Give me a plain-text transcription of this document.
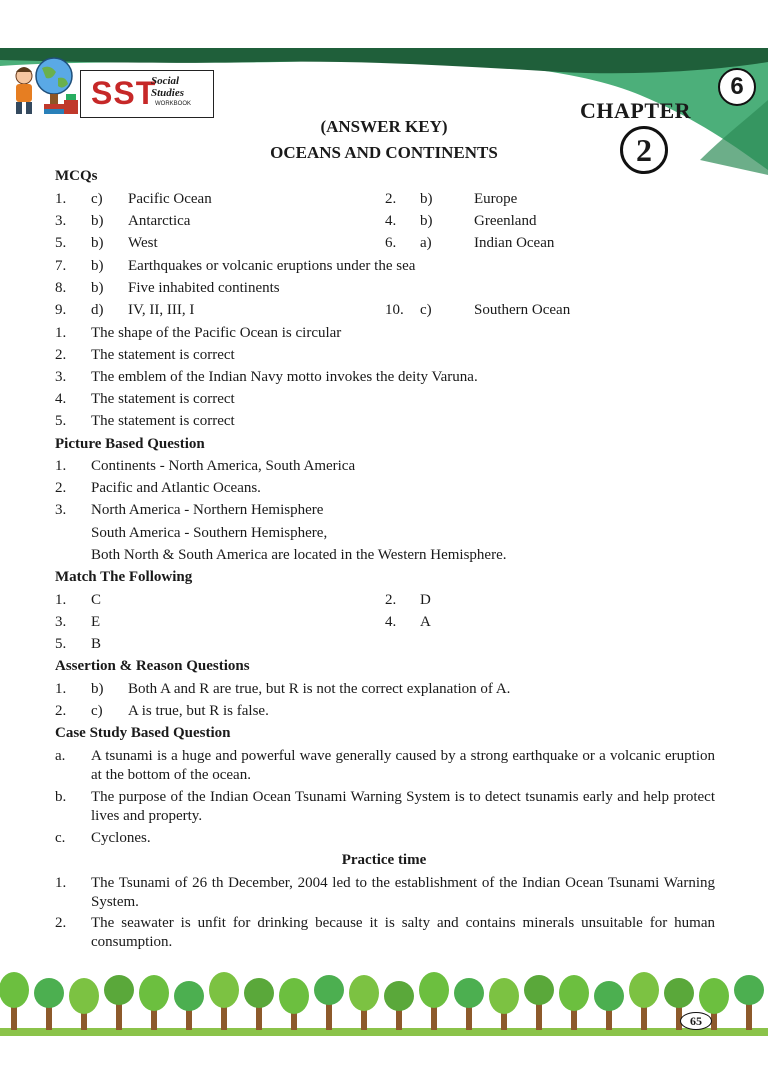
SST
Social Studies
WORKBOOK
6
CHAPTER
2
(ANSWER KEY)
OCEANS AND CONTINENTS
MCQs
1. c) Pacific Ocean	2. b)	Europe
3. b) Antarctica	4. b)	Greenland
5. b) West	6. a)	Indian Ocean
7. b) Earthquakes or volcanic eruptions under the sea
8. b) Five inhabited continents
9. d) IV, II, III, I	10. c)	Southern Ocean
1. The shape of the Pacific Ocean is circular
2. The statement is correct
3. The emblem of the Indian Navy motto invokes the deity Varuna.
4. The statement is correct
5. The statement is correct
Picture Based Question
1. Continents - North America, South America
2. Pacific and Atlantic Oceans.
3. North America - Northern Hemisphere
South America - Southern Hemisphere,
Both North & South America are located in the Western Hemisphere.
Match The Following
1. C	2. D
3. E	4. A
5. B
Assertion & Reason Questions
1. b) Both A and R are true, but R is not the correct explanation of A.
2. c) A is true, but R is false.
Case Study Based Question
a. A tsunami is a huge and powerful wave generally caused by a strong earthquake or a volcanic eruption at the bottom of the ocean.
b. The purpose of the Indian Ocean Tsunami Warning System is to detect tsunamis early and help protect lives and property.
c. Cyclones.
Practice time
1. The Tsunami of 26 th December, 2004 led to the establishment of the Indian Ocean Tsunami Warning System.
2. The seawater is unfit for drinking because it is salty and contains minerals unsuitable for human consumption.
65
